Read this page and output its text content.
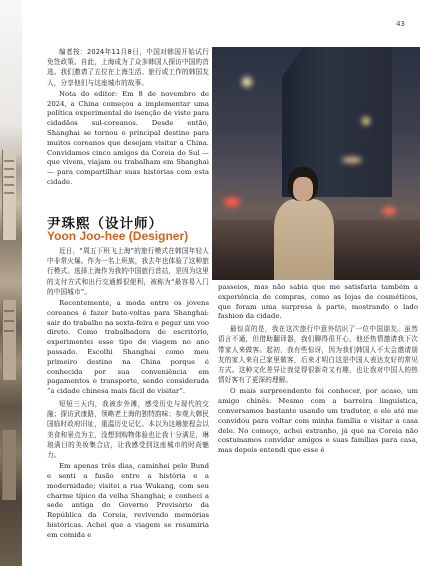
43

编者按：2024年11月8日，中国对韩国开始试行免签政策。自此，上海成为了众多韩国人探访中国的首选。我们邀请了五位在上海生活、旅行或工作的韩国友人，分享他们与这座城市的故事。

Nota do editor: Em 8 de novembro de 2024, a China começou a implementar uma política experimental de isenção de visto para cidadãos sul-coreanos. Desde então, Shanghai se tornou o principal destino para muitos coreanos que desejam visitar a China. Convidamos cinco amigos da Coreia do Sul — que vivem, viajam ou trabalham em Shanghai — para compartilhar suas histórias com esta cidade.

尹珠熙（设计师）
Yoon Joo-hee (Designer)

近日，“周五下班飞上海”的旅行模式在韩国年轻人中非常火爆。作为一名上班族，我去年也体验了这种旅行模式。选择上海作为我的中国旅行首站，是因为这里的支付方式和出行交通都很便利，被称为“最容易入门的中国城市”。

Recentemente, a moda entre os jovens coreanos é fazer bate-voltas para Shanghai: sair do trabalho na sexta-feira e pegar um voo direto. Como trabalhadora de escritório, experimentei esse tipo de viagem no ano passado. Escolhi Shanghai como meu primeiro destino na China porque é conhecida por sua conveniência em pagamentos e transporte, sendo considerada “a cidade chinesa mais fácil de visitar”.

短短三天内，我被步外滩，感受历史与现代的交融；探访武康路，领略老上海的独特韵味；参观大韩民国临时政府旧址，重温历史记忆。本以为这趟旅程会以美食和景点为主，没想到购物体验也让我十分满足，琳琅满目的美妆集合店，让我感受到这座城市的时尚魅力。

Em apenas três dias, caminhei pelo Bund e senti a fusão entre a história e a modernidade; visitei a rua Wukang, com seu charme típico da velha Shanghai; e conheci a sede antiga do Governo Provisório da República da Coreia, revivendo memórias históricas. Achei que a viagem se resumiria em comida e

passeios, mas não sabia que me satisfaria também a experiência de compras, como as lojas de cosméticos, que foram uma surpresa à parte, mostrando o lado fashion da cidade.

最惊喜的是，我在这次旅行中意外结识了一位中国朋友。虽然语言不通，但借助翻译器，我们聊得很开心，他还热情邀请我下次带家人来做客。起初，我有些惊讶，因为我们韩国人不太会邀请朋友的家人来自己家里做客，后来才明白这是中国人表达友好的常见方式。这种文化差异让我觉得很新奇又有趣，也让我对中国人的热情好客有了更深的理解。

O mais surpreendente foi conhecer, por acaso, um amigo chinês. Mesmo com a barreira linguística, conversamos bastante usando um tradutor, e ele até me convidou para voltar com minha família e visitar a casa dele. No começo, achei estranho, já que na Coreia não costumamos convidar amigos e suas famílias para casa, mas depois entendi que esse é
